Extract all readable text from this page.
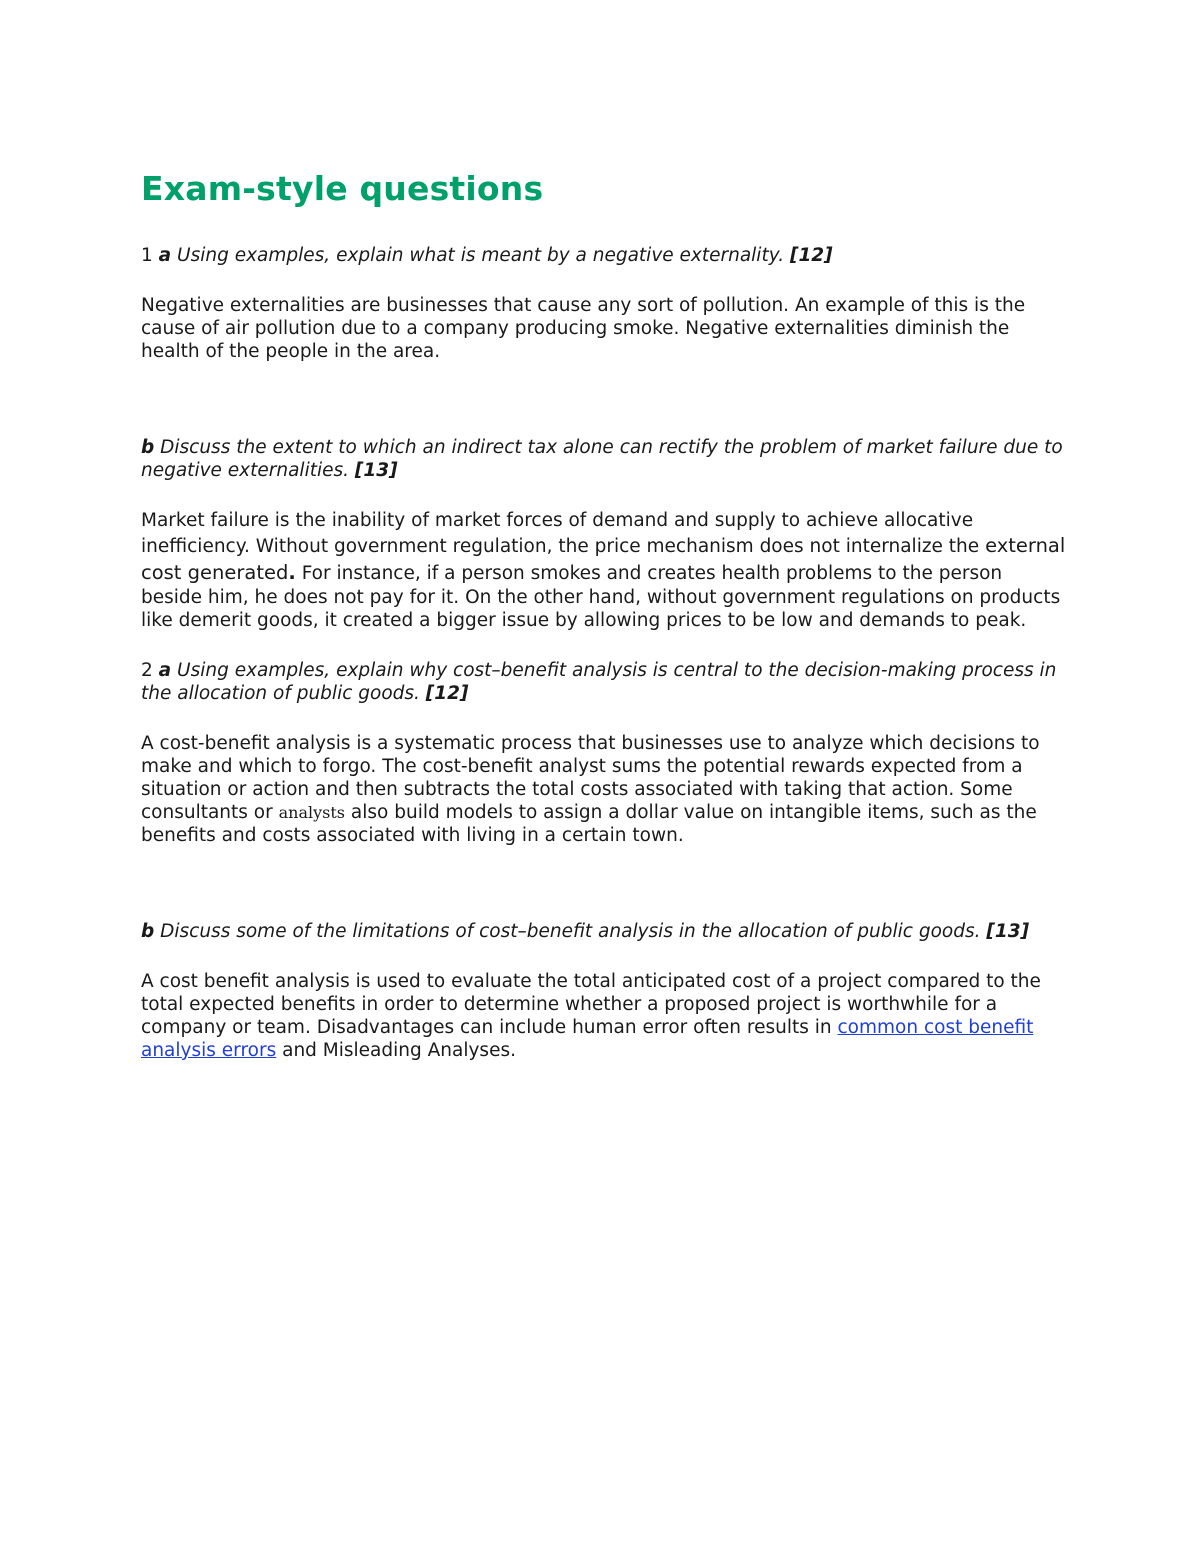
Exam-style questions

1 a Using examples, explain what is meant by a negative externality. [12]

Negative externalities are businesses that cause any sort of pollution. An example of this is the cause of air pollution due to a company producing smoke. Negative externalities diminish the health of the people in the area.

b Discuss the extent to which an indirect tax alone can rectify the problem of market failure due to negative externalities. [13]

Market failure is the inability of market forces of demand and supply to achieve allocative inefficiency. Without government regulation, the price mechanism does not internalize the external cost generated. For instance, if a person smokes and creates health problems to the person beside him, he does not pay for it. On the other hand, without government regulations on products like demerit goods, it created a bigger issue by allowing prices to be low and demands to peak.

2 a Using examples, explain why cost–benefit analysis is central to the decision-making process in the allocation of public goods. [12]

A cost-benefit analysis is a systematic process that businesses use to analyze which decisions to make and which to forgo. The cost-benefit analyst sums the potential rewards expected from a situation or action and then subtracts the total costs associated with taking that action. Some consultants or analysts also build models to assign a dollar value on intangible items, such as the benefits and costs associated with living in a certain town.

b Discuss some of the limitations of cost–benefit analysis in the allocation of public goods. [13]

A cost benefit analysis is used to evaluate the total anticipated cost of a project compared to the total expected benefits in order to determine whether a proposed project is worthwhile for a company or team. Disadvantages can include human error often results in common cost benefit analysis errors and Misleading Analyses.
